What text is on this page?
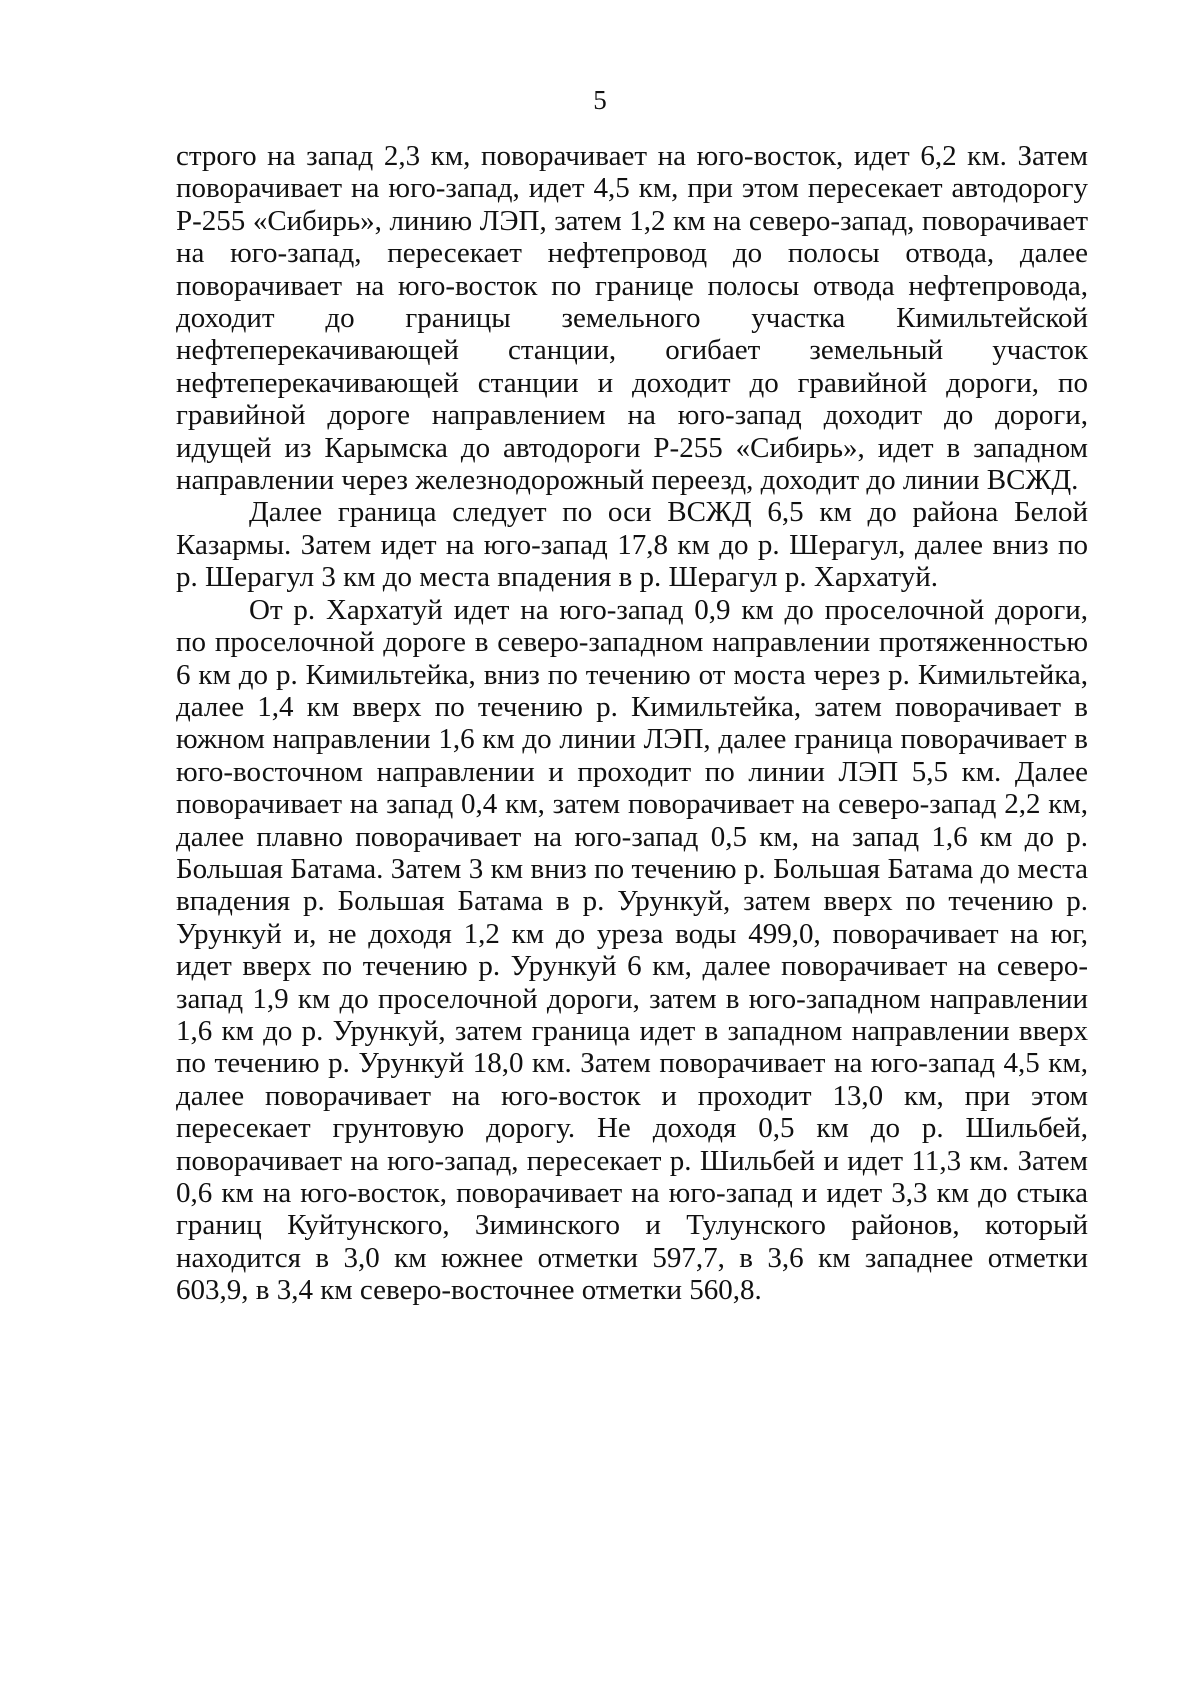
5

строго на запад 2,3 км, поворачивает на юго-восток, идет 6,2 км. Затем поворачивает на юго-запад, идет 4,5 км, при этом пересекает автодорогу Р-255 «Сибирь», линию ЛЭП, затем 1,2 км на северо-запад, поворачивает на юго-запад, пересекает нефтепровод до полосы отвода, далее поворачивает на юго-восток по границе полосы отвода нефтепровода, доходит до границы земельного участка Кимильтейской нефтеперекачивающей станции, огибает земельный участок нефтеперекачивающей станции и доходит до гравийной дороги, по гравийной дороге направлением на юго-запад доходит до дороги, идущей из Карымска до автодороги Р-255 «Сибирь», идет в западном направлении через железнодорожный переезд, доходит до линии ВСЖД.

Далее граница следует по оси ВСЖД 6,5 км до района Белой Казармы. Затем идет на юго-запад 17,8 км до р. Шерагул, далее вниз по р. Шерагул 3 км до места впадения в р. Шерагул р. Хархатуй.

От р. Хархатуй идет на юго-запад 0,9 км до проселочной дороги, по проселочной дороге в северо-западном направлении протяженностью 6 км до р. Кимильтейка, вниз по течению от моста через р. Кимильтейка, далее 1,4 км вверх по течению р. Кимильтейка, затем поворачивает в южном направлении 1,6 км до линии ЛЭП, далее граница поворачивает в юго-восточном направлении и проходит по линии ЛЭП 5,5 км. Далее поворачивает на запад 0,4 км, затем поворачивает на северо-запад 2,2 км, далее плавно поворачивает на юго-запад 0,5 км, на запад 1,6 км до р. Большая Батама. Затем 3 км вниз по течению р. Большая Батама до места впадения р. Большая Батама в р. Урункуй, затем вверх по течению р. Урункуй и, не доходя 1,2 км до уреза воды 499,0, поворачивает на юг, идет вверх по течению р. Урункуй 6 км, далее поворачивает на северо-запад 1,9 км до проселочной дороги, затем в юго-западном направлении 1,6 км до р. Урункуй, затем граница идет в западном направлении вверх по течению р. Урункуй 18,0 км. Затем поворачивает на юго-запад 4,5 км, далее поворачивает на юго-восток и проходит 13,0 км, при этом пересекает грунтовую дорогу. Не доходя 0,5 км до р. Шильбей, поворачивает на юго-запад, пересекает р. Шильбей и идет 11,3 км. Затем 0,6 км на юго-восток, поворачивает на юго-запад и идет 3,3 км до стыка границ Куйтунского, Зиминского и Тулунского районов, который находится в 3,0 км южнее отметки 597,7, в 3,6 км западнее отметки 603,9, в 3,4 км северо-восточнее отметки 560,8.
